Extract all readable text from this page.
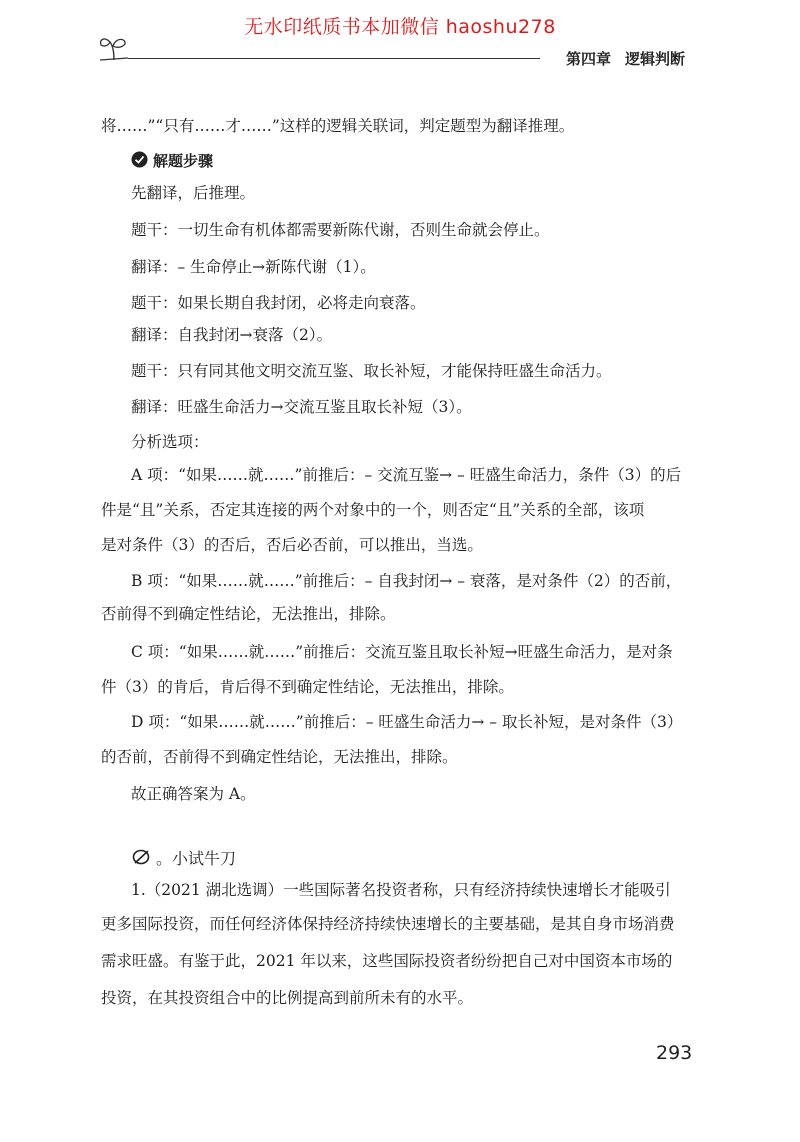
无水印纸质书本加微信 haoshu278
第四章 逻辑判断
将……”“只有……才……”这样的逻辑关联词，判定题型为翻译推理。
解题步骤
先翻译，后推理。
题干：一切生命有机体都需要新陈代谢，否则生命就会停止。
翻译：– 生命停止→新陈代谢（1）。
题干：如果长期自我封闭，必将走向衰落。
翻译：自我封闭→衰落（2）。
题干：只有同其他文明交流互鉴、取长补短，才能保持旺盛生命活力。
翻译：旺盛生命活力→交流互鉴且取长补短（3）。
分析选项：
A 项：“如果……就……”前推后：– 交流互鉴→ – 旺盛生命活力，条件（3）的后
件是“且”关系，否定其连接的两个对象中的一个，则否定“且”关系的全部，该项
是对条件（3）的否后，否后必否前，可以推出，当选。
B 项：“如果……就……”前推后：– 自我封闭→ – 衰落，是对条件（2）的否前，
否前得不到确定性结论，无法推出，排除。
C 项：“如果……就……”前推后：交流互鉴且取长补短→旺盛生命活力，是对条
件（3）的肯后，肯后得不到确定性结论，无法推出，排除。
D 项：“如果……就……”前推后：– 旺盛生命活力→ – 取长补短，是对条件（3）
的否前，否前得不到确定性结论，无法推出，排除。
故正确答案为 A。
。小试牛刀
1.（2021 湖北选调）一些国际著名投资者称，只有经济持续快速增长才能吸引
更多国际投资，而任何经济体保持经济持续快速增长的主要基础，是其自身市场消费
需求旺盛。有鉴于此，2021 年以来，这些国际投资者纷纷把自己对中国资本市场的
投资，在其投资组合中的比例提高到前所未有的水平。
293
